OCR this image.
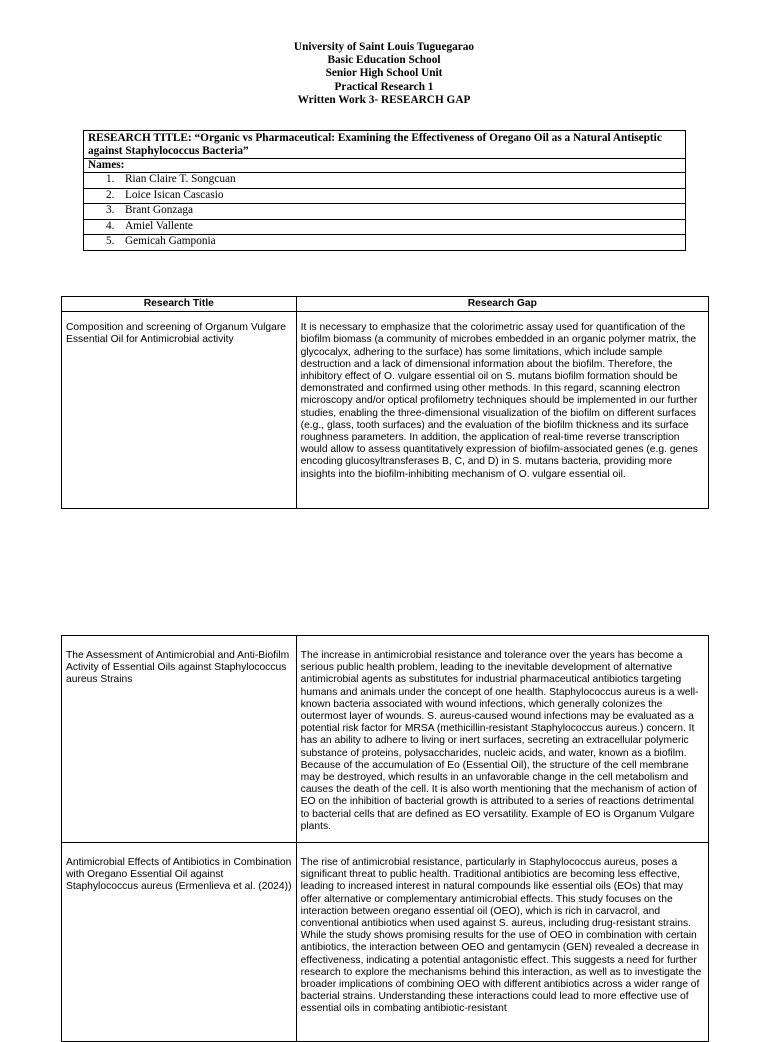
University of Saint Louis Tuguegarao
Basic Education School
Senior High School Unit
Practical Research 1
Written Work 3- RESEARCH GAP
RESEARCH TITLE: “Organic vs Pharmaceutical: Examining the Effectiveness of Oregano Oil as a Natural Antiseptic against Staphylococcus Bacteria”
Names:
1. Rian Claire T. Songcuan
2. Loice Isican Cascasio
3. Brant Gonzaga
4. Amiel Vallente
5. Gemicah Gamponia
Research Title	Research Gap
Composition and screening of Organum Vulgare Essential Oil for Antimicrobial activity	It is necessary to emphasize that the colorimetric assay used for quantification of the biofilm biomass (a community of microbes embedded in an organic polymer matrix, the glycocalyx, adhering to the surface) has some limitations, which include sample destruction and a lack of dimensional information about the biofilm. Therefore, the inhibitory effect of O. vulgare essential oil on S. mutans biofilm formation should be demonstrated and confirmed using other methods. In this regard, scanning electron microscopy and/or optical profilometry techniques should be implemented in our further studies, enabling the three-dimensional visualization of the biofilm on different surfaces (e.g., glass, tooth surfaces) and the evaluation of the biofilm thickness and its surface roughness parameters. In addition, the application of real-time reverse transcription would allow to assess quantitatively expression of biofilm-associated genes (e.g. genes encoding glucosyltransferases B, C, and D) in S. mutans bacteria, providing more insights into the biofilm-inhibiting mechanism of O. vulgare essential oil.
The Assessment of Antimicrobial and Anti-Biofilm Activity of Essential Oils against Staphylococcus aureus Strains	The increase in antimicrobial resistance and tolerance over the years has become a serious public health problem, leading to the inevitable development of alternative antimicrobial agents as substitutes for industrial pharmaceutical antibiotics targeting humans and animals under the concept of one health. Staphylococcus aureus is a well-known bacteria associated with wound infections, which generally colonizes the outermost layer of wounds. S. aureus-caused wound infections may be evaluated as a potential risk factor for MRSA (methicillin-resistant Staphylococcus aureus.) concern. It has an ability to adhere to living or inert surfaces, secreting an extracellular polymeric substance of proteins, polysaccharides, nucleic acids, and water, known as a biofilm. Because of the accumulation of Eo (Essential Oil), the structure of the cell membrane may be destroyed, which results in an unfavorable change in the cell metabolism and causes the death of the cell. It is also worth mentioning that the mechanism of action of EO on the inhibition of bacterial growth is attributed to a series of reactions detrimental to bacterial cells that are defined as EO versatility. Example of EO is Organum Vulgare plants.
Antimicrobial Effects of Antibiotics in Combination with Oregano Essential Oil against Staphylococcus aureus (Ermenlieva et al. (2024))	The rise of antimicrobial resistance, particularly in Staphylococcus aureus, poses a significant threat to public health. Traditional antibiotics are becoming less effective, leading to increased interest in natural compounds like essential oils (EOs) that may offer alternative or complementary antimicrobial effects. This study focuses on the interaction between oregano essential oil (OEO), which is rich in carvacrol, and conventional antibiotics when used against S. aureus, including drug-resistant strains.
While the study shows promising results for the use of OEO in combination with certain antibiotics, the interaction between OEO and gentamycin (GEN) revealed a decrease in effectiveness, indicating a potential antagonistic effect. This suggests a need for further research to explore the mechanisms behind this interaction, as well as to investigate the broader implications of combining OEO with different antibiotics across a wider range of bacterial strains. Understanding these interactions could lead to more effective use of essential oils in combating antibiotic-resistant
